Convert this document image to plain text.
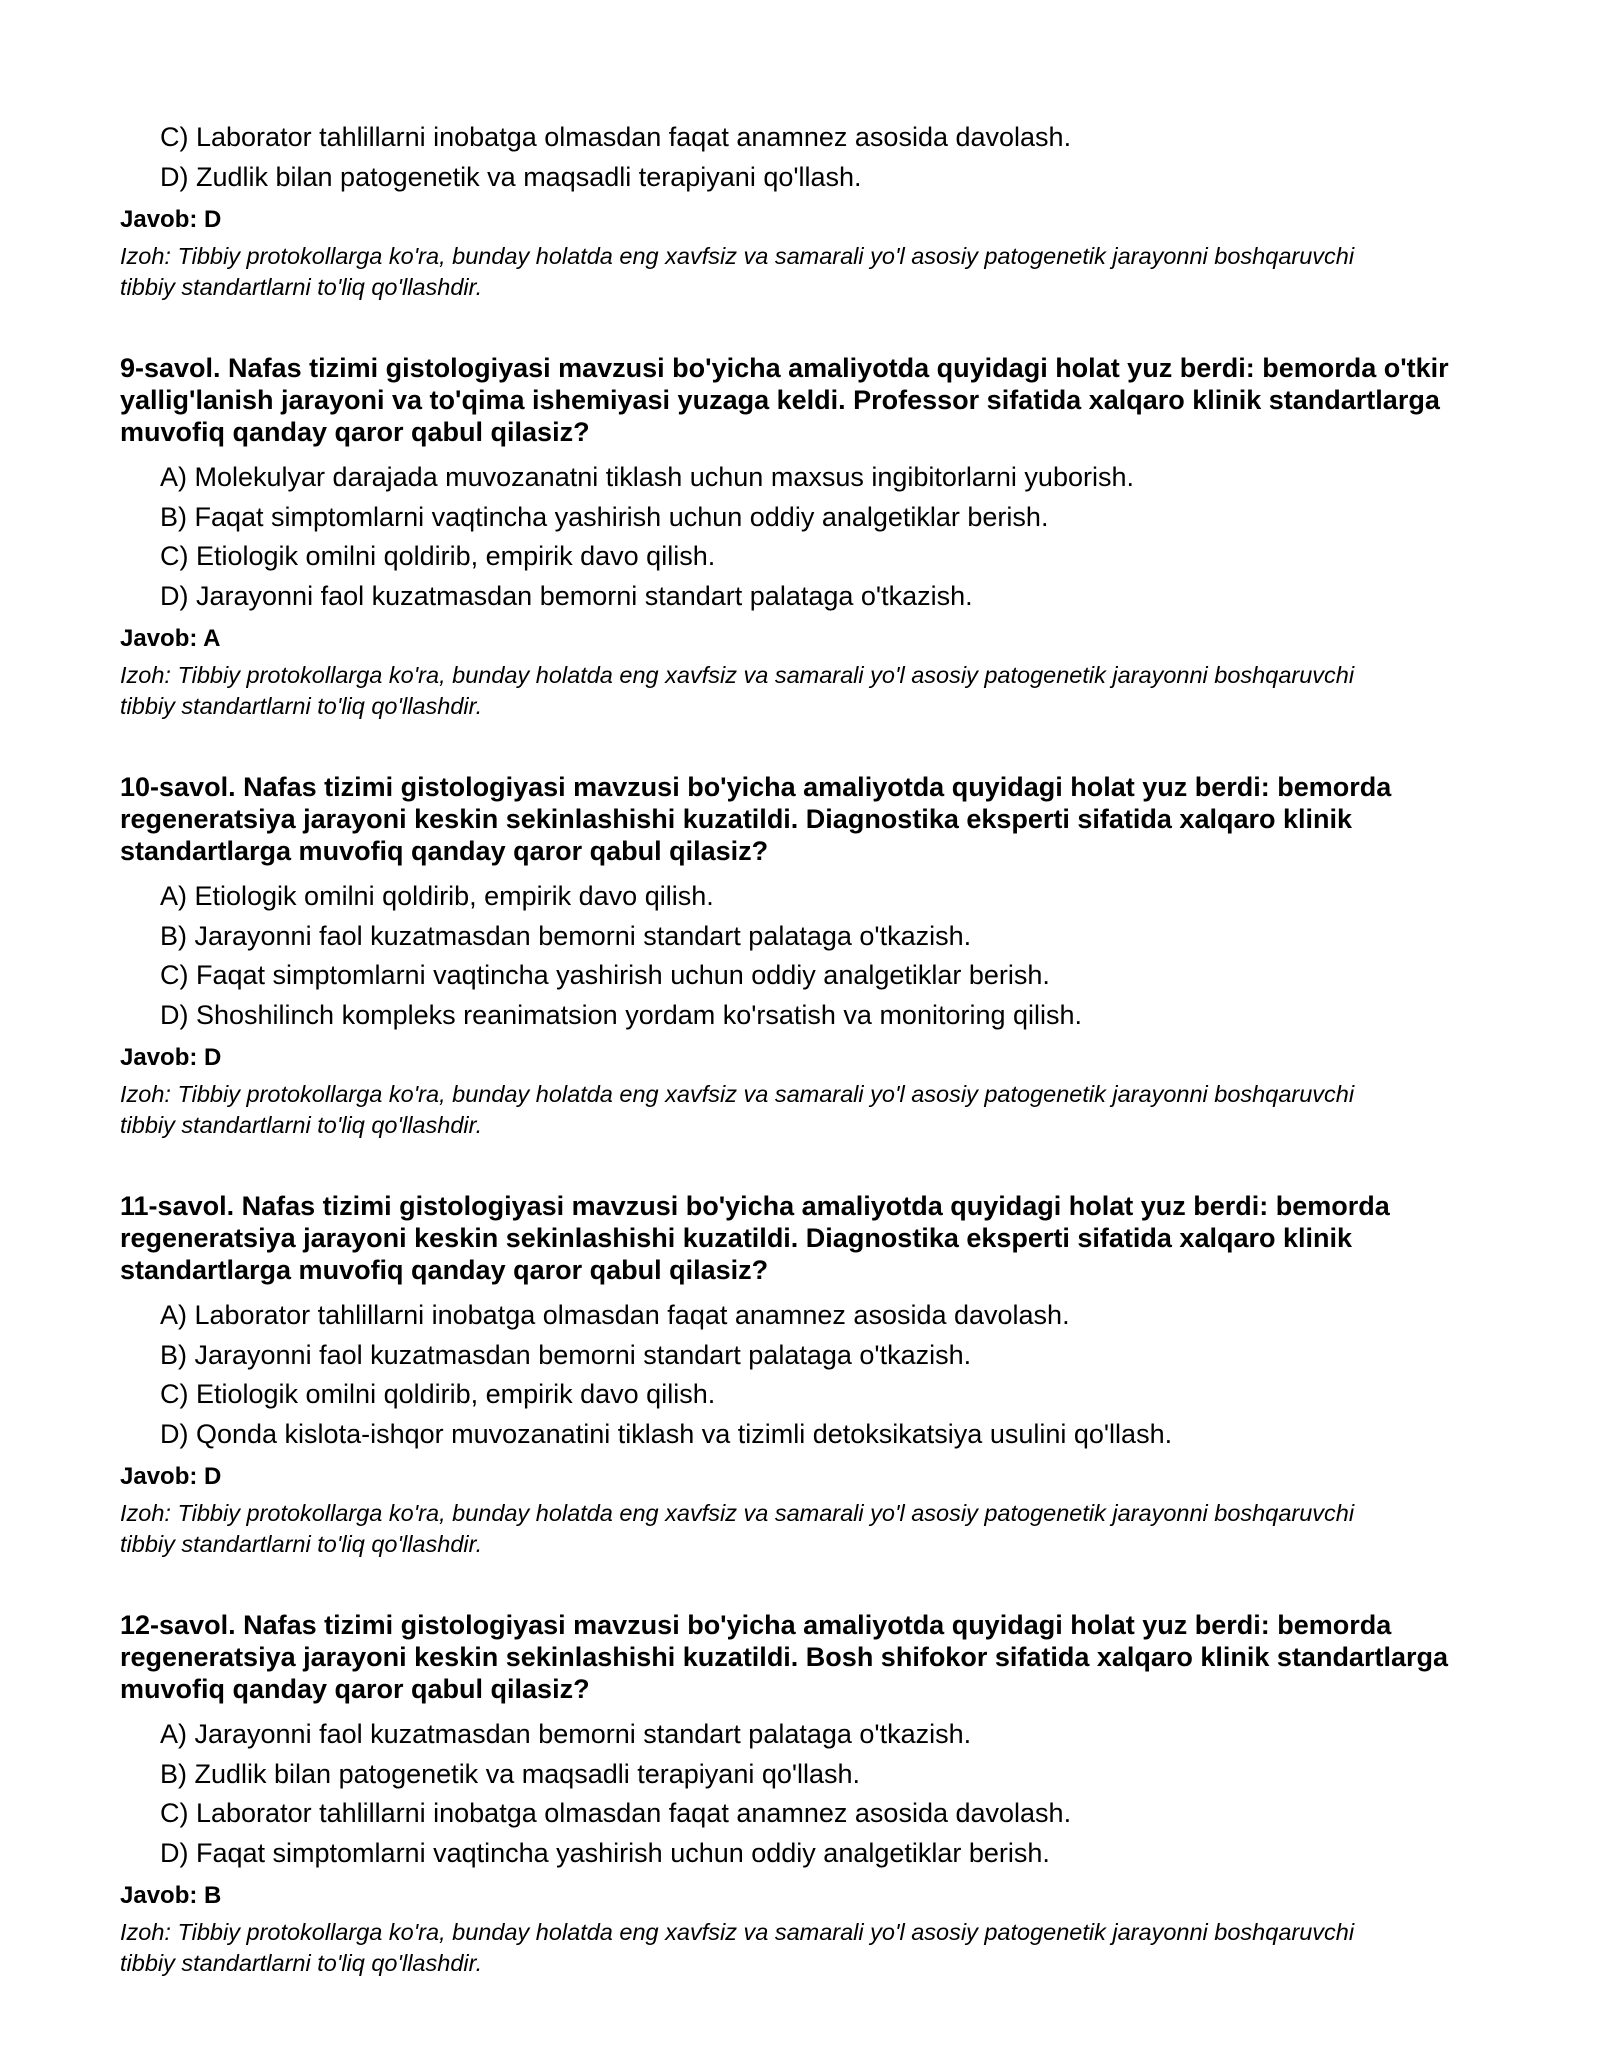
C) Laborator tahlillarni inobatga olmasdan faqat anamnez asosida davolash.
D) Zudlik bilan patogenetik va maqsadli terapiyani qo'llash.
Javob: D

Izoh: Tibbiy protokollarga ko'ra, bunday holatda eng xavfsiz va samarali yo'l asosiy patogenetik jarayonni boshqaruvchi tibbiy standartlarni to'liq qo'llashdir.

9-savol. Nafas tizimi gistologiyasi mavzusi bo'yicha amaliyotda quyidagi holat yuz berdi: bemorda o'tkir yallig'lanish jarayoni va to'qima ishemiyasi yuzaga keldi. Professor sifatida xalqaro klinik standartlarga muvofiq qanday qaror qabul qilasiz?
A) Molekulyar darajada muvozanatni tiklash uchun maxsus ingibitorlarni yuborish.
B) Faqat simptomlarni vaqtincha yashirish uchun oddiy analgetiklar berish.
C) Etiologik omilni qoldirib, empirik davo qilish.
D) Jarayonni faol kuzatmasdan bemorni standart palataga o'tkazish.
Javob: A

Izoh: Tibbiy protokollarga ko'ra, bunday holatda eng xavfsiz va samarali yo'l asosiy patogenetik jarayonni boshqaruvchi tibbiy standartlarni to'liq qo'llashdir.

10-savol. Nafas tizimi gistologiyasi mavzusi bo'yicha amaliyotda quyidagi holat yuz berdi: bemorda regeneratsiya jarayoni keskin sekinlashishi kuzatildi. Diagnostika eksperti sifatida xalqaro klinik standartlarga muvofiq qanday qaror qabul qilasiz?
A) Etiologik omilni qoldirib, empirik davo qilish.
B) Jarayonni faol kuzatmasdan bemorni standart palataga o'tkazish.
C) Faqat simptomlarni vaqtincha yashirish uchun oddiy analgetiklar berish.
D) Shoshilinch kompleks reanimatsion yordam ko'rsatish va monitoring qilish.
Javob: D

Izoh: Tibbiy protokollarga ko'ra, bunday holatda eng xavfsiz va samarali yo'l asosiy patogenetik jarayonni boshqaruvchi tibbiy standartlarni to'liq qo'llashdir.

11-savol. Nafas tizimi gistologiyasi mavzusi bo'yicha amaliyotda quyidagi holat yuz berdi: bemorda regeneratsiya jarayoni keskin sekinlashishi kuzatildi. Diagnostika eksperti sifatida xalqaro klinik standartlarga muvofiq qanday qaror qabul qilasiz?
A) Laborator tahlillarni inobatga olmasdan faqat anamnez asosida davolash.
B) Jarayonni faol kuzatmasdan bemorni standart palataga o'tkazish.
C) Etiologik omilni qoldirib, empirik davo qilish.
D) Qonda kislota-ishqor muvozanatini tiklash va tizimli detoksikatsiya usulini qo'llash.
Javob: D

Izoh: Tibbiy protokollarga ko'ra, bunday holatda eng xavfsiz va samarali yo'l asosiy patogenetik jarayonni boshqaruvchi tibbiy standartlarni to'liq qo'llashdir.

12-savol. Nafas tizimi gistologiyasi mavzusi bo'yicha amaliyotda quyidagi holat yuz berdi: bemorda regeneratsiya jarayoni keskin sekinlashishi kuzatildi. Bosh shifokor sifatida xalqaro klinik standartlarga muvofiq qanday qaror qabul qilasiz?
A) Jarayonni faol kuzatmasdan bemorni standart palataga o'tkazish.
B) Zudlik bilan patogenetik va maqsadli terapiyani qo'llash.
C) Laborator tahlillarni inobatga olmasdan faqat anamnez asosida davolash.
D) Faqat simptomlarni vaqtincha yashirish uchun oddiy analgetiklar berish.
Javob: B

Izoh: Tibbiy protokollarga ko'ra, bunday holatda eng xavfsiz va samarali yo'l asosiy patogenetik jarayonni boshqaruvchi tibbiy standartlarni to'liq qo'llashdir.
